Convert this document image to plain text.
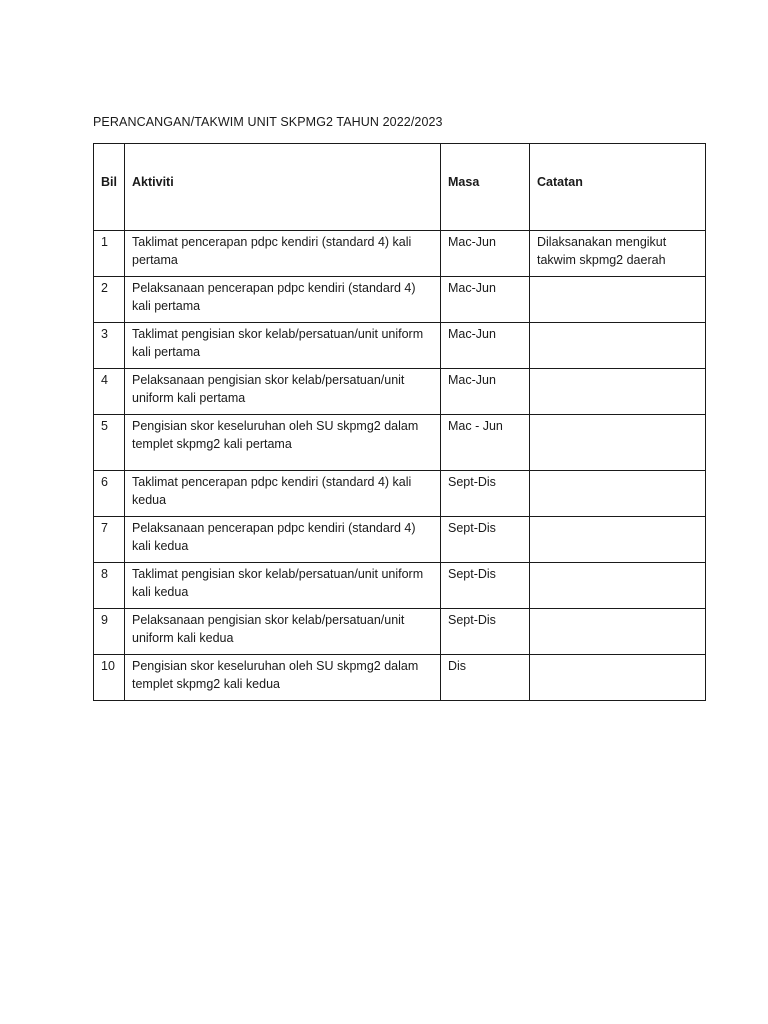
PERANCANGAN/TAKWIM UNIT SKPMG2 TAHUN 2022/2023
Bil	Aktiviti	Masa	Catatan
1	Taklimat pencerapan pdpc kendiri (standard 4) kali pertama	Mac-Jun	Dilaksanakan mengikut takwim skpmg2 daerah
2	Pelaksanaan pencerapan pdpc kendiri (standard 4) kali pertama	Mac-Jun	
3	Taklimat pengisian skor kelab/persatuan/unit uniform kali pertama	Mac-Jun	
4	Pelaksanaan pengisian skor kelab/persatuan/unit uniform kali pertama	Mac-Jun	
5	Pengisian skor keseluruhan oleh SU skpmg2 dalam templet skpmg2 kali pertama	Mac - Jun	
6	Taklimat pencerapan pdpc kendiri (standard 4) kali kedua	Sept-Dis	
7	Pelaksanaan pencerapan pdpc kendiri (standard 4) kali kedua	Sept-Dis	
8	Taklimat pengisian skor kelab/persatuan/unit uniform kali kedua	Sept-Dis	
9	Pelaksanaan pengisian skor kelab/persatuan/unit uniform kali kedua	Sept-Dis	
10	Pengisian skor keseluruhan oleh SU skpmg2 dalam templet skpmg2 kali kedua	Dis	
